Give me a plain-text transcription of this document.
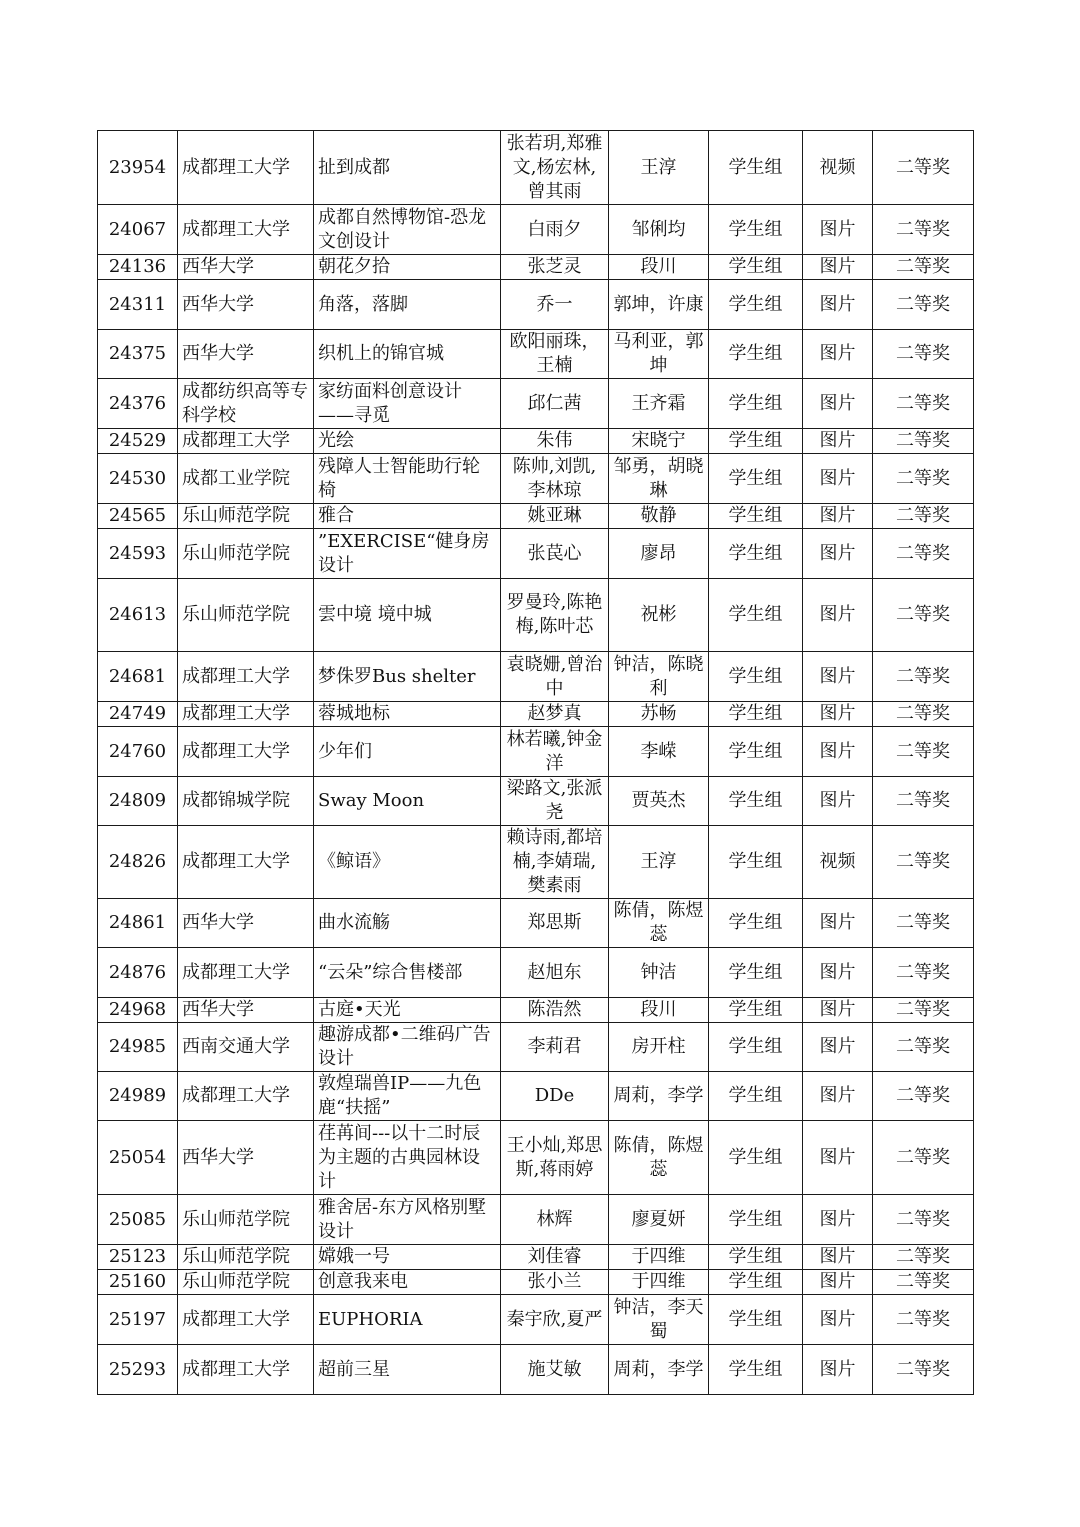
23954	成都理工大学	扯到成都	张若玥,郑雅文,杨宏林,曾其雨	王淳	学生组	视频	二等奖
24067	成都理工大学	成都自然博物馆-恐龙文创设计	白雨夕	邹俐均	学生组	图片	二等奖
24136	西华大学	朝花夕拾	张芝灵	段川	学生组	图片	二等奖
24311	西华大学	角落，落脚	乔一	郭坤，许康	学生组	图片	二等奖
24375	西华大学	织机上的锦官城	欧阳丽珠，王楠	马利亚，郭坤	学生组	图片	二等奖
24376	成都纺织高等专科学校	家纺面料创意设计——寻觅	邱仁茜	王齐霜	学生组	图片	二等奖
24529	成都理工大学	光绘	朱伟	宋晓宁	学生组	图片	二等奖
24530	成都工业学院	残障人士智能助行轮椅	陈帅,刘凯,李林琼	邹勇，胡晓琳	学生组	图片	二等奖
24565	乐山师范学院	雅合	姚亚琳	敬静	学生组	图片	二等奖
24593	乐山师范学院	”EXERCISE“健身房设计	张苠心	廖昂	学生组	图片	二等奖
24613	乐山师范学院	雲中境 境中城	罗曼玲,陈艳梅,陈叶芯	祝彬	学生组	图片	二等奖
24681	成都理工大学	梦侏罗Bus shelter	袁晓姗,曾治中	钟洁，陈晓利	学生组	图片	二等奖
24749	成都理工大学	蓉城地标	赵梦真	苏畅	学生组	图片	二等奖
24760	成都理工大学	少年们	林若曦,钟金洋	李嵘	学生组	图片	二等奖
24809	成都锦城学院	Sway Moon	梁路文,张派尧	贾英杰	学生组	图片	二等奖
24826	成都理工大学	《鲸语》	赖诗雨,都培楠,李婧瑞,樊素雨	王淳	学生组	视频	二等奖
24861	西华大学	曲水流觞	郑思斯	陈倩，陈煜蕊	学生组	图片	二等奖
24876	成都理工大学	“云朵”综合售楼部	赵旭东	钟洁	学生组	图片	二等奖
24968	西华大学	古庭•天光	陈浩然	段川	学生组	图片	二等奖
24985	西南交通大学	趣游成都•二维码广告设计	李莉君	房开柱	学生组	图片	二等奖
24989	成都理工大学	敦煌瑞兽IP——九色鹿“扶摇”	DDe	周莉，李学	学生组	图片	二等奖
25054	西华大学	荏苒间---以十二时辰为主题的古典园林设计	王小灿,郑思斯,蒋雨婷	陈倩，陈煜蕊	学生组	图片	二等奖
25085	乐山师范学院	雅舍居-东方风格别墅设计	林辉	廖夏妍	学生组	图片	二等奖
25123	乐山师范学院	嫦娥一号	刘佳睿	于四维	学生组	图片	二等奖
25160	乐山师范学院	创意我来电	张小兰	于四维	学生组	图片	二等奖
25197	成都理工大学	EUPHORIA	秦宇欣,夏严	钟洁，李天蜀	学生组	图片	二等奖
25293	成都理工大学	超前三星	施艾敏	周莉，李学	学生组	图片	二等奖
